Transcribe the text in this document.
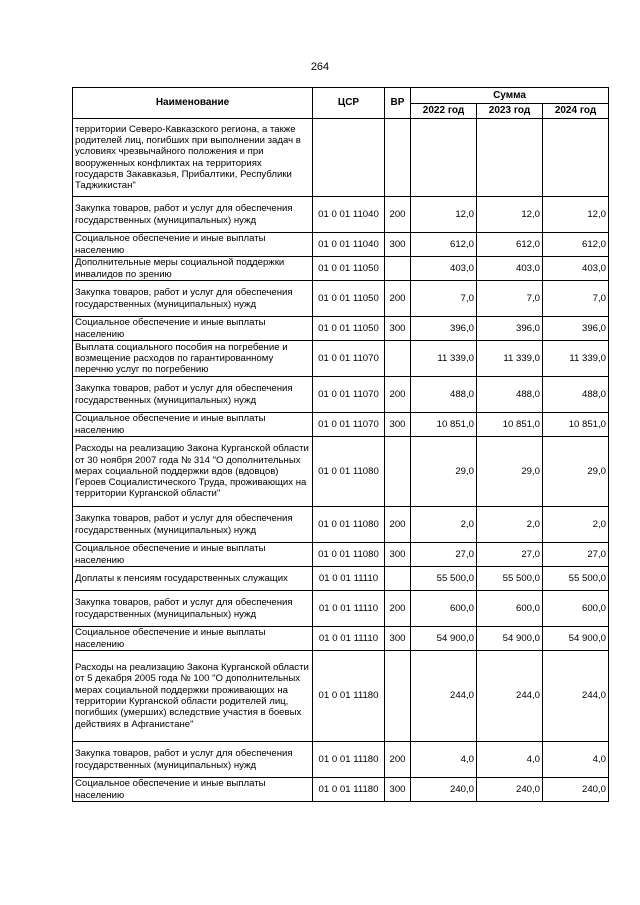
264
Наименование	ЦСР	ВР	Сумма		
			2022 год	2023 год	2024 год
территории Северо-Кавказского региона, а также родителей лиц, погибших при выполнении задач в условиях чрезвычайного положения и при вооруженных конфликтах на территориях государств Закавказья, Прибалтики, Республики Таджикистан"					
Закупка товаров, работ и услуг для обеспечения государственных (муниципальных) нужд	01 0 01 11040	200	12,0	12,0	12,0
Социальное обеспечение и иные выплаты населению	01 0 01 11040	300	612,0	612,0	612,0
Дополнительные меры социальной поддержки инвалидов по зрению	01 0 01 11050		403,0	403,0	403,0
Закупка товаров, работ и услуг для обеспечения государственных (муниципальных) нужд	01 0 01 11050	200	7,0	7,0	7,0
Социальное обеспечение и иные выплаты населению	01 0 01 11050	300	396,0	396,0	396,0
Выплата социального пособия на погребение и возмещение расходов по гарантированному перечню услуг по погребению	01 0 01 11070		11 339,0	11 339,0	11 339,0
Закупка товаров, работ и услуг для обеспечения государственных (муниципальных) нужд	01 0 01 11070	200	488,0	488,0	488,0
Социальное обеспечение и иные выплаты населению	01 0 01 11070	300	10 851,0	10 851,0	10 851,0
Расходы на реализацию Закона Курганской области от 30 ноября 2007 года № 314 "О дополнительных мерах социальной поддержки вдов (вдовцов) Героев Социалистического Труда, проживающих на территории Курганской области"	01 0 01 11080		29,0	29,0	29,0
Закупка товаров, работ и услуг для обеспечения государственных (муниципальных) нужд	01 0 01 11080	200	2,0	2,0	2,0
Социальное обеспечение и иные выплаты населению	01 0 01 11080	300	27,0	27,0	27,0
Доплаты к пенсиям государственных служащих	01 0 01 11110		55 500,0	55 500,0	55 500,0
Закупка товаров, работ и услуг для обеспечения государственных (муниципальных) нужд	01 0 01 11110	200	600,0	600,0	600,0
Социальное обеспечение и иные выплаты населению	01 0 01 11110	300	54 900,0	54 900,0	54 900,0
Расходы на реализацию Закона Курганской области от 5 декабря 2005 года № 100 "О дополнительных мерах социальной поддержки проживающих на территории Курганской области родителей лиц, погибших (умерших) вследствие участия в боевых действиях в Афганистане"	01 0 01 11180		244,0	244,0	244,0
Закупка товаров, работ и услуг для обеспечения государственных (муниципальных) нужд	01 0 01 11180	200	4,0	4,0	4,0
Социальное обеспечение и иные выплаты населению	01 0 01 11180	300	240,0	240,0	240,0
